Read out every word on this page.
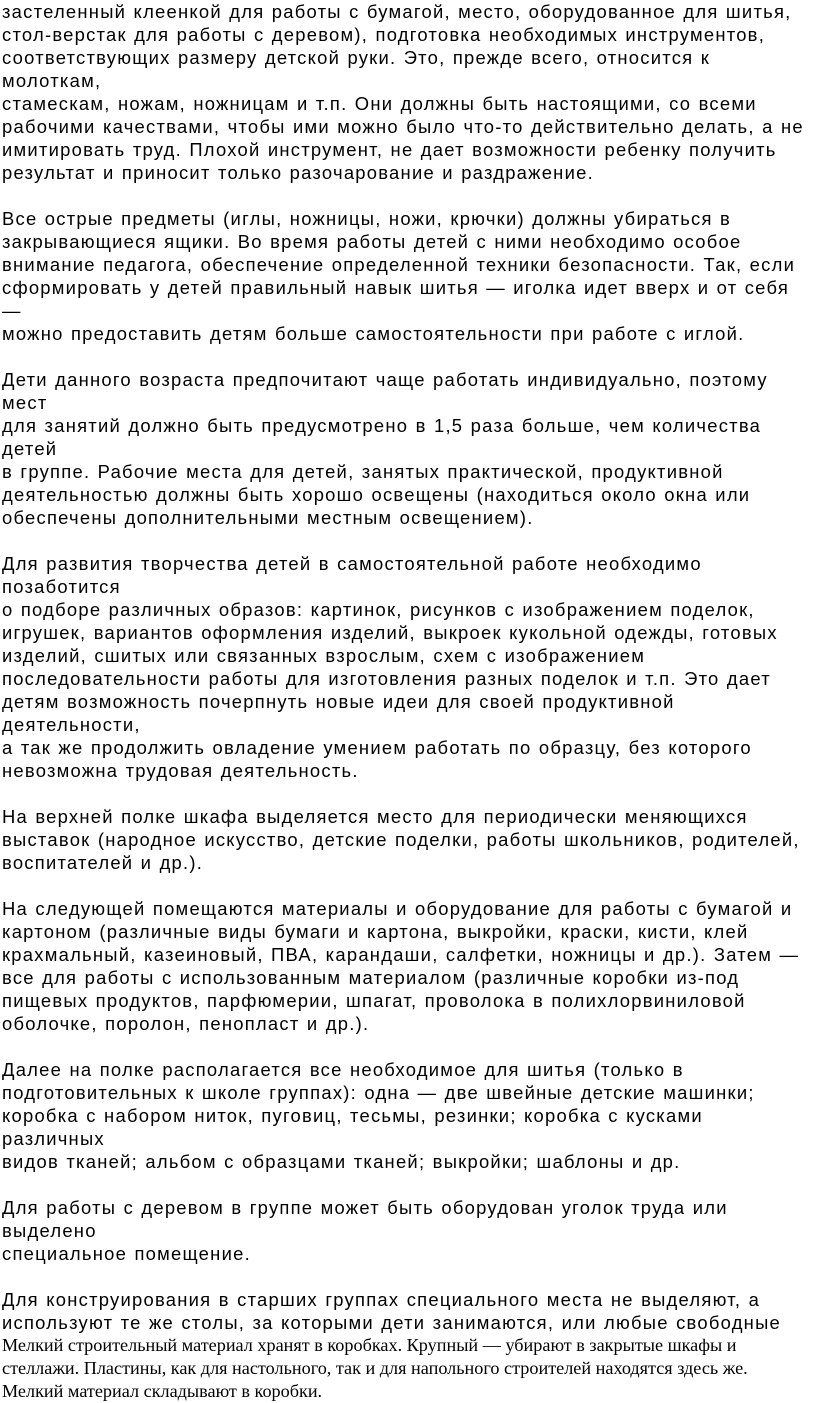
застеленный клеенкой для работы с бумагой, место, оборудованное для шитья,
стол-верстак для работы с деревом), подготовка необходимых инструментов,
соответствующих размеру детской руки. Это, прежде всего, относится к молоткам,
стамескам, ножам, ножницам и т.п. Они должны быть настоящими, со всеми
рабочими качествами, чтобы ими можно было что-то действительно делать, а не
имитировать труд. Плохой инструмент, не дает возможности ребенку получить
результат и приносит только разочарование и раздражение.

Все острые предметы (иглы, ножницы, ножи, крючки) должны убираться в
закрывающиеся ящики. Во время работы детей с ними необходимо особое
внимание педагога, обеспечение определенной техники безопасности. Так, если
сформировать у детей правильный навык шитья — иголка идет вверх и от себя —
можно предоставить детям больше самостоятельности при работе с иглой.

Дети данного возраста предпочитают чаще работать индивидуально, поэтому мест
для занятий должно быть предусмотрено в 1,5 раза больше, чем количества детей
в группе. Рабочие места для детей, занятых практической, продуктивной
деятельностью должны быть хорошо освещены (находиться около окна или
обеспечены дополнительными местным освещением).

Для развития творчества детей в самостоятельной работе необходимо позаботится
о подборе различных образов: картинок, рисунков с изображением поделок,
игрушек, вариантов оформления изделий, выкроек кукольной одежды, готовых
изделий, сшитых или связанных взрослым, схем с изображением
последовательности работы для изготовления разных поделок и т.п. Это дает
детям возможность почерпнуть новые идеи для своей продуктивной деятельности,
а так же продолжить овладение умением работать по образцу, без которого
невозможна трудовая деятельность.

На верхней полке шкафа выделяется место для периодически меняющихся
выставок (народное искусство, детские поделки, работы школьников, родителей,
воспитателей и др.).

На следующей помещаются материалы и оборудование для работы с бумагой и
картоном (различные виды бумаги и картона, выкройки, краски, кисти, клей
крахмальный, казеиновый, ПВА, карандаши, салфетки, ножницы и др.). Затем —
все для работы с использованным материалом (различные коробки из-под
пищевых продуктов, парфюмерии, шпагат, проволока в полихлорвиниловой
оболочке, поролон, пенопласт и др.).

Далее на полке располагается все необходимое для шитья (только в
подготовительных к школе группах): одна — две швейные детские машинки;
коробка с набором ниток, пуговиц, тесьмы, резинки; коробка с кусками различных
видов тканей; альбом с образцами тканей; выкройки; шаблоны и др.

Для работы с деревом в группе может быть оборудован уголок труда или выделено
специальное помещение.

Для конструирования в старших группах специального места не выделяют, а
используют те же столы, за которыми дети занимаются, или любые свободные

Мелкий строительный материал хранят в коробках. Крупный — убирают в закрытые шкафы и
стеллажи. Пластины, как для настольного, так и для напольного строителей находятся здесь же.
Мелкий материал складывают в коробки.
